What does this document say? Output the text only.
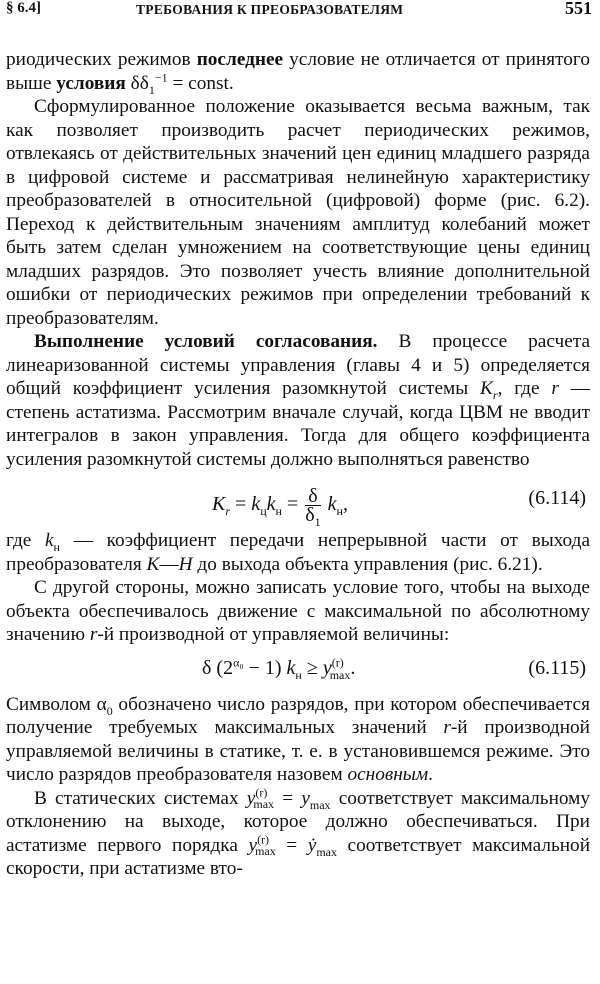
§ 6.4]	ТРЕБОВАНИЯ К ПРЕОБРАЗОВАТЕЛЯМ	551

риодических режимов последнее условие не отличается от принятого выше условия $\delta\delta_1^{-1}$ = const.

Сформулированное положение оказывается весьма важным, так как позволяет производить расчет периодических режимов, отвлекаясь от действительных значений цен единиц младшего разряда в цифровой системе и рассматривая нелинейную характеристику преобразователей в относительной (цифровой) форме (рис. 6.2). Переход к действительным значениям амплитуд колебаний может быть затем сделан умножением на соответствующие цены единиц младших разрядов. Это позволяет учесть влияние дополнительной ошибки от периодических режимов при определении требований к преобразователям.

Выполнение условий согласования. В процессе расчета линеаризованной системы управления (главы 4 и 5) определяется общий коэффициент усиления разомкнутой системы $K_r$, где r — степень астатизма. Рассмотрим вначале случай, когда ЦВМ не вводит интегралов в закон управления. Тогда для общего коэффициента усиления разомкнутой системы должно выполняться равенство

$K_r = k_цk_н = \frac{\delta}{\delta_1} k_н$,	(6.114)

где $k_н$ — коэффициент передачи непрерывной части от выхода преобразователя K—H до выхода объекта управления (рис. 6.21).

С другой стороны, можно записать условие того, чтобы на выходе объекта обеспечивалось движение с максимальной по абсолютному значению r-й производной от управляемой величины:

δ $(2^{\alpha_0} - 1) k_н \ge y^{(r)}_{max}$.	(6.115)

Символом $\alpha_0$ обозначено число разрядов, при котором обеспечивается получение требуемых максимальных значений r-й производной управляемой величины в статике, т. е. в установившемся режиме. Это число разрядов преобразователя назовем основным.

В статических системах $y^{(r)}_{max} = y_{max}$ соответствует максимальному отклонению на выходе, которое должно обеспечиваться. При астатизме первого порядка $y^{(r)}_{max}$ = ẏ$_{max}$ соответствует максимальной скорости, при астатизме вто-
